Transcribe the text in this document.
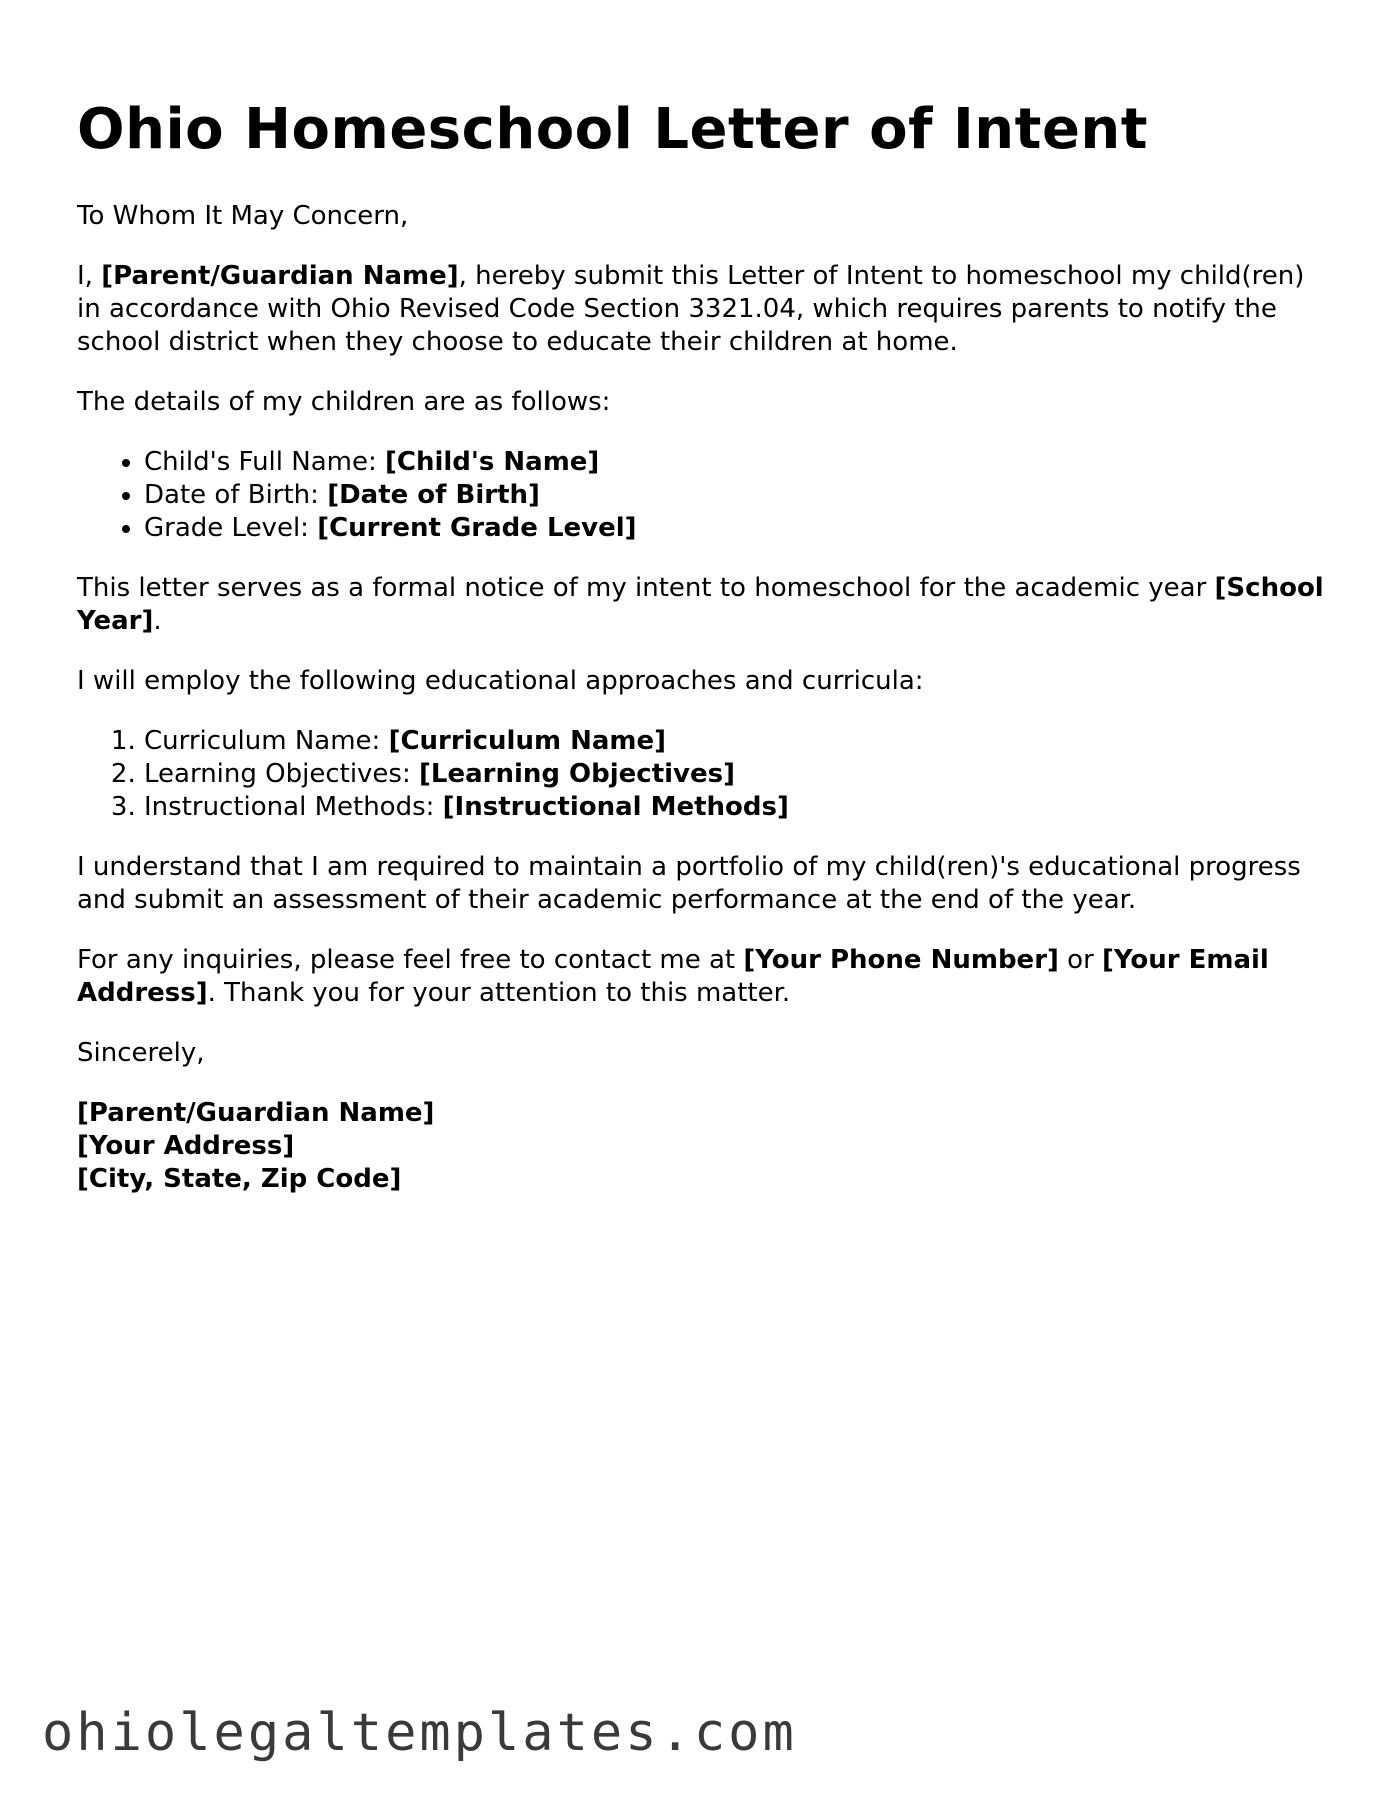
Ohio Homeschool Letter of Intent

To Whom It May Concern,

I, [Parent/Guardian Name], hereby submit this Letter of Intent to homeschool my child(ren) in accordance with Ohio Revised Code Section 3321.04, which requires parents to notify the school district when they choose to educate their children at home.

The details of my children are as follows:

• Child's Full Name: [Child's Name]
• Date of Birth: [Date of Birth]
• Grade Level: [Current Grade Level]

This letter serves as a formal notice of my intent to homeschool for the academic year [School Year].

I will employ the following educational approaches and curricula:

1. Curriculum Name: [Curriculum Name]
2. Learning Objectives: [Learning Objectives]
3. Instructional Methods: [Instructional Methods]

I understand that I am required to maintain a portfolio of my child(ren)'s educational progress and submit an assessment of their academic performance at the end of the year.

For any inquiries, please feel free to contact me at [Your Phone Number] or [Your Email Address]. Thank you for your attention to this matter.

Sincerely,

[Parent/Guardian Name]
[Your Address]
[City, State, Zip Code]
ohiolegaltemplates.com
